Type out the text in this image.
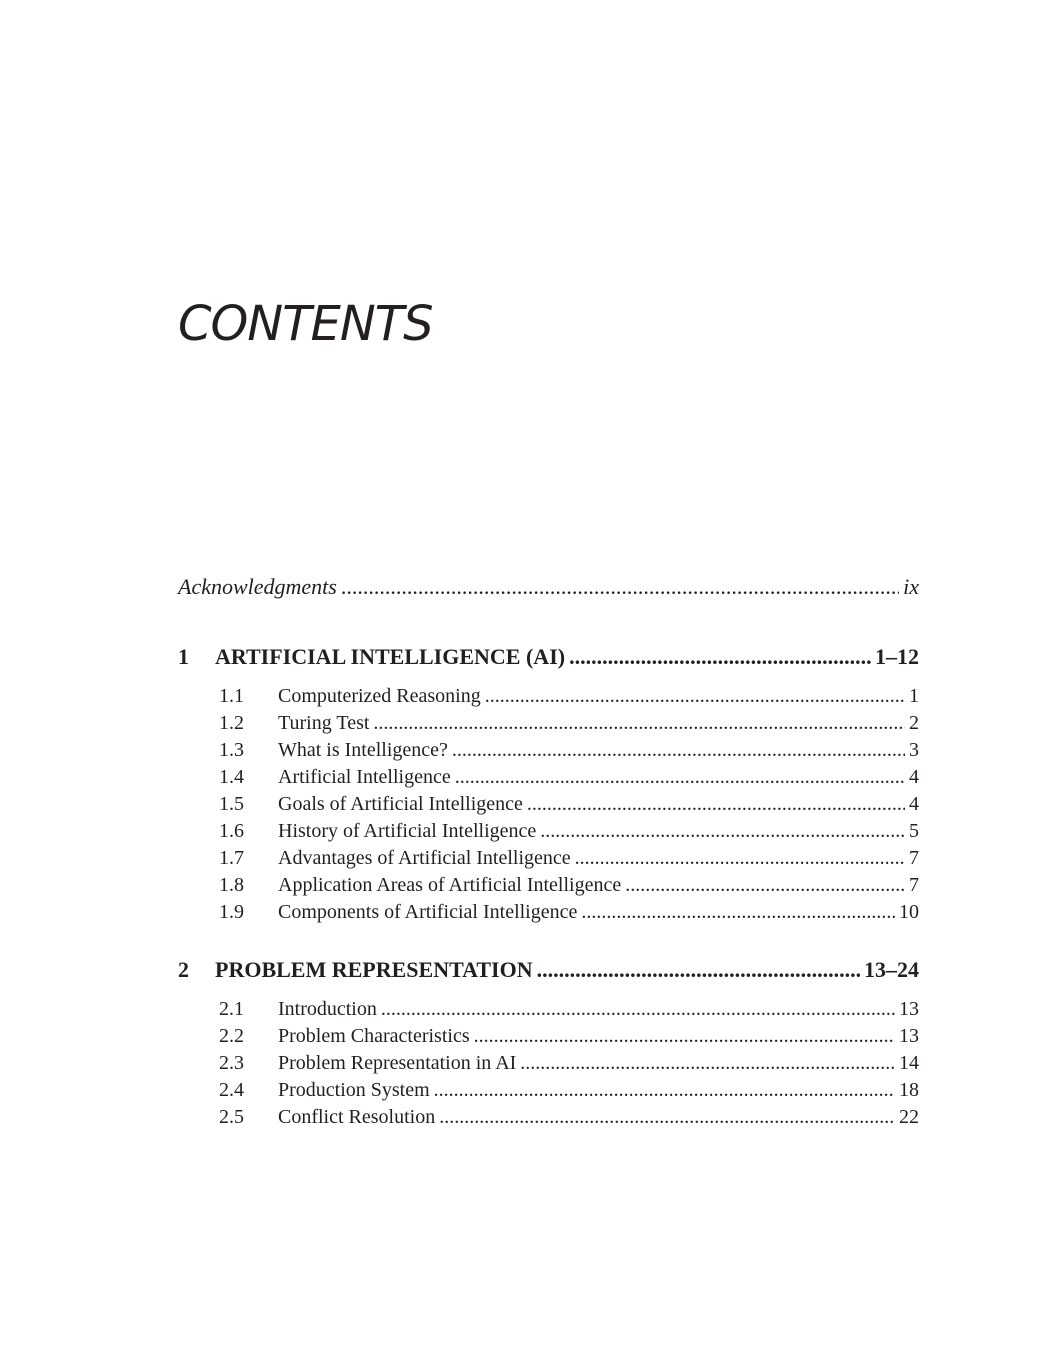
CONTENTS
Acknowledgments .....	ix
1	ARTIFICIAL INTELLIGENCE (AI) .....	1–12
1.1	Computerized Reasoning .....	1
1.2	Turing Test .....	2
1.3	What is Intelligence? .....	3
1.4	Artificial Intelligence .....	4
1.5	Goals of Artificial Intelligence .....	4
1.6	History of Artificial Intelligence .....	5
1.7	Advantages of Artificial Intelligence .....	7
1.8	Application Areas of Artificial Intelligence .....	7
1.9	Components of Artificial Intelligence .....	10
2	PROBLEM REPRESENTATION .....	13–24
2.1	Introduction .....	13
2.2	Problem Characteristics .....	13
2.3	Problem Representation in AI .....	14
2.4	Production System .....	18
2.5	Conflict Resolution .....	22
